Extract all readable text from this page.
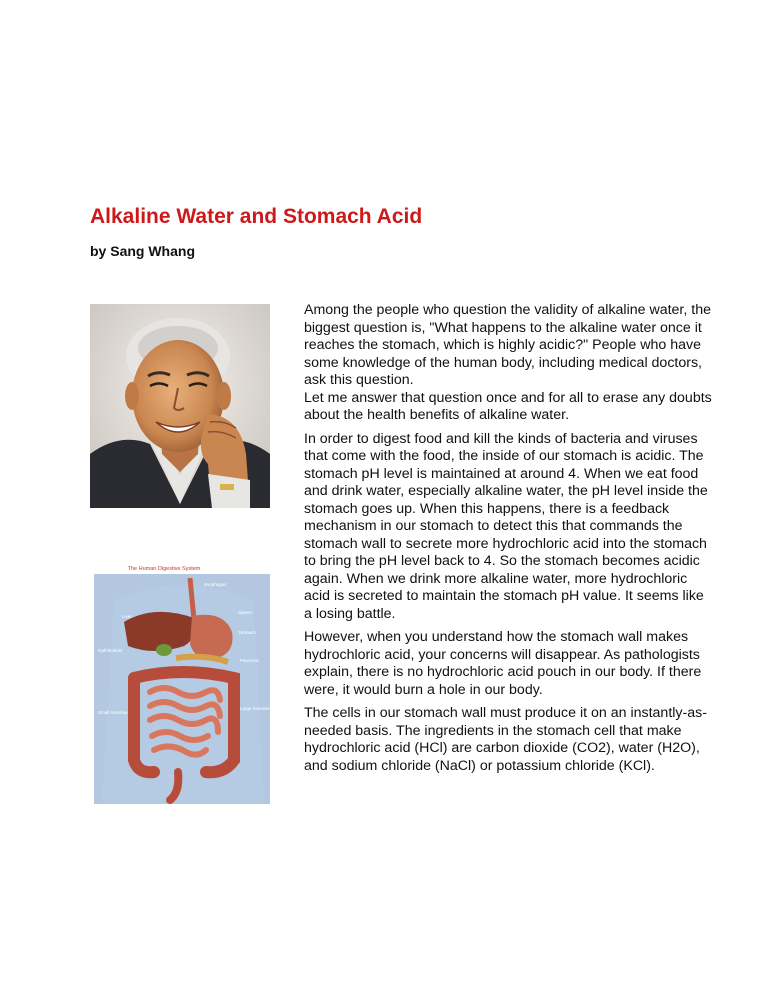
Alkaline Water and Stomach Acid
by Sang Whang
The Human Digestive System
Esophagus
Liver
Spleen
Stomach
Gall Bladder
Pancreas
Small Intestine
Large Intestine

Among the people who question the validity of alkaline water, the biggest question is, "What happens to the alkaline water once it reaches the stomach, which is highly acidic?" People who have some knowledge of the human body, including medical doctors, ask this question.

Let me answer that question once and for all to erase any doubts about the health benefits of alkaline water.

In order to digest food and kill the kinds of bacteria and viruses that come with the food, the inside of our stomach is acidic. The stomach pH level is maintained at around 4. When we eat food and drink water, especially alkaline water, the pH level inside the stomach goes up. When this happens, there is a feedback mechanism in our stomach to detect this that commands the stomach wall to secrete more hydrochloric acid into the stomach to bring the pH level back to 4. So the stomach becomes acidic again. When we drink more alkaline water, more hydrochloric acid is secreted to maintain the stomach pH value. It seems like a losing battle.

However, when you understand how the stomach wall makes hydrochloric acid, your concerns will disappear. As pathologists explain, there is no hydrochloric acid pouch in our body. If there were, it would burn a hole in our body.

The cells in our stomach wall must produce it on an instantly-as-needed basis. The ingredients in the stomach cell that make hydrochloric acid (HCl) are carbon dioxide (CO2), water (H2O), and sodium chloride (NaCl) or potassium chloride (KCl).
